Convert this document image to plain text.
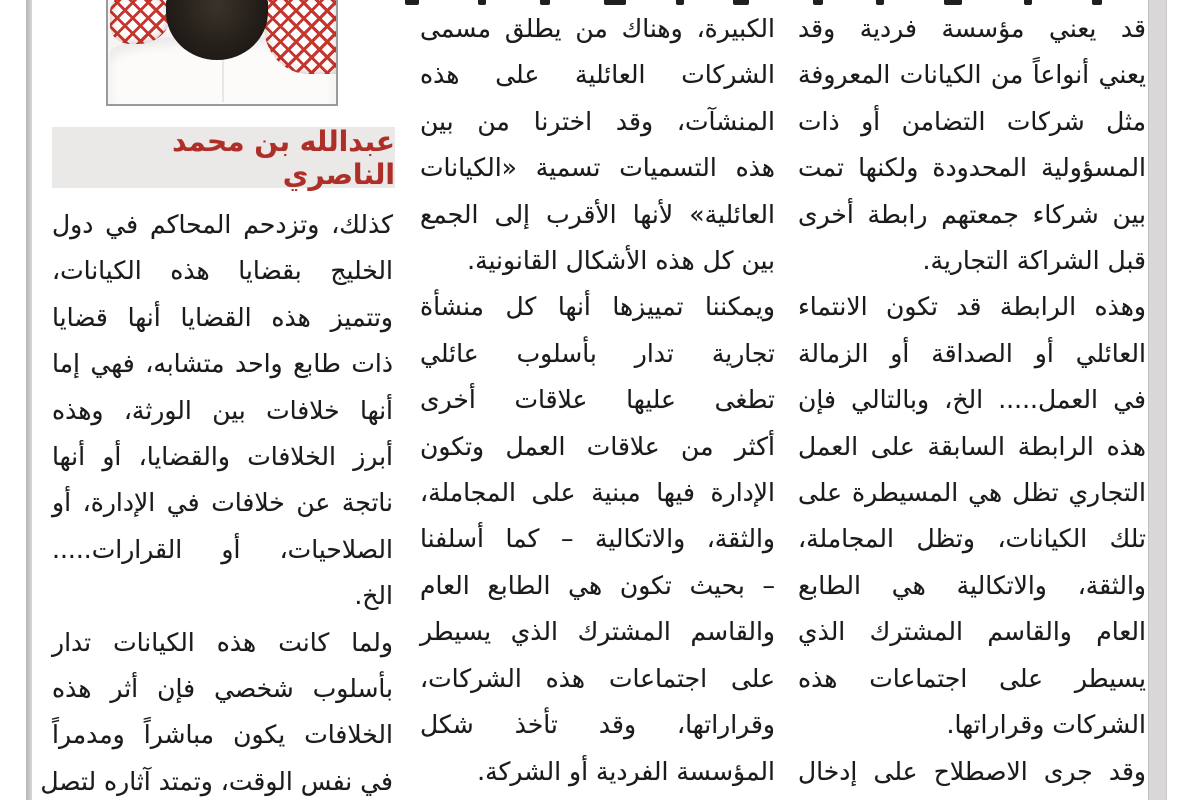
عبدالله بن محمد الناصري
قد يعني مؤسسة فردية وقد
يعني أنواعاً من الكيانات المعروفة
مثل شركات التضامن أو ذات
المسؤولية المحدودة ولكنها تمت
بين شركاء جمعتهم رابطة أخرى
قبل الشراكة التجارية.
وهذه الرابطة قد تكون الانتماء
العائلي أو الصداقة أو الزمالة
في العمل..... الخ، وبالتالي فإن
هذه الرابطة السابقة على العمل
التجاري تظل هي المسيطرة على
تلك الكيانات، وتظل المجاملة،
والثقة، والاتكالية هي الطابع
العام والقاسم المشترك الذي
يسيطر على اجتماعات هذه
الشركات وقراراتها.
وقد جرى الاصطلاح على إدخال
الكبيرة، وهناك من يطلق مسمى
الشركات العائلية على هذه
المنشآت، وقد اخترنا من بين
هذه التسميات تسمية «الكيانات
العائلية» لأنها الأقرب إلى الجمع
بين كل هذه الأشكال القانونية.
ويمكننا تمييزها أنها كل منشأة
تجارية تدار بأسلوب عائلي
تطغى عليها علاقات أخرى
أكثر من علاقات العمل وتكون
الإدارة فيها مبنية على المجاملة،
والثقة، والاتكالية – كما أسلفنا
– بحيث تكون هي الطابع العام
والقاسم المشترك الذي يسيطر
على اجتماعات هذه الشركات،
وقراراتها، وقد تأخذ شكل
المؤسسة الفردية أو الشركة.
كذلك، وتزدحم المحاكم في دول
الخليج بقضايا هذه الكيانات،
وتتميز هذه القضايا أنها قضايا
ذات طابع واحد متشابه، فهي إما
أنها خلافات بين الورثة، وهذه
أبرز الخلافات والقضايا، أو أنها
ناتجة عن خلافات في الإدارة، أو
الصلاحيات، أو القرارات.....
الخ.
ولما كانت هذه الكيانات تدار
بأسلوب شخصي فإن أثر هذه
الخلافات يكون مباشراً ومدمراً
في نفس الوقت، وتمتد آثاره لتصل
